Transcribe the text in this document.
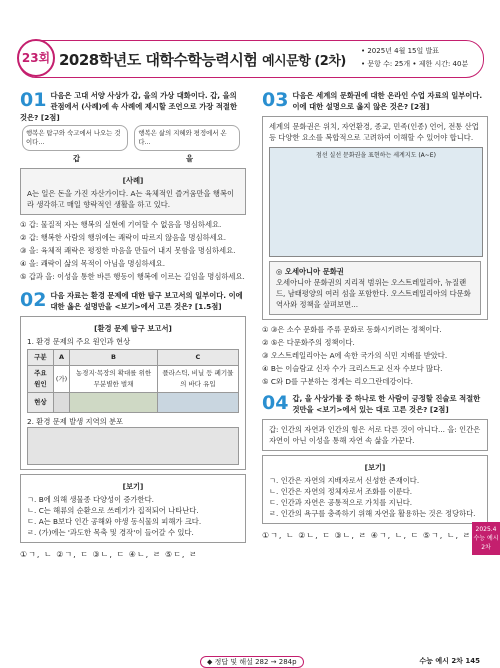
23회 2028학년도 대학수학능력시험 예시문항 (2차)
• 2025년 4월 15일 발표
• 문항 수: 25개 • 제한 시간: 40분
01 다음은 고대 서양 사상가 갑, 을의 가상 대화이다. 갑, 을의 관점에서 (사례)에 속 사례에 제시할 조언으로 가장 적절한 것은? [2점]
행복은 탐구와 숙고에서 나오는 것이다... 행복은 삶의 지혜와 평정에서 온다...
갑	을
[사례]
A는 일은 돈을 가진 자산가이다. A는 육체적인 즐거움만을 행복이라 생각하고 매일 향락적인 생활을 하고 있다.
① 갑: 물질적 자는 행복의 실현에 기여할 수 없음을 명심하세요.
② 갑: 행복한 사람의 행위에는 쾌락이 따르지 않음을 명심하세요.
③ 을: 육체적 쾌락은 평정한 마음을 만들어 내지 못함을 명심하세요.
④ 을: 쾌락이 삶의 목적이 아님을 명심하세요.
⑤ 갑과 을: 이성을 통한 바른 행동이 행복에 이르는 길임을 명심하세요.
02 다음 자료는 환경 문제에 대한 탐구 보고서의 일부이다. 이에 대한 옳은 설명만을 <보기>에서 고른 것은? [1.5점]
[환경 문제 탐구 보고서]
1. 환경 문제의 주요 원인과 현상
구분	A	B	C
주요 원인	(가)	농경지·목장의 확대를 위한 무분별한 벌채	플라스틱, 비닐 등 폐기물의 바다 유입
현상			
2. 환경 문제 발생 지역의 분포
[보기]
ㄱ. B에 의해 생물종 다양성이 증가한다.
ㄴ. C는 해류의 순환으로 쓰레기가 집적되어 나타난다.
ㄷ. A는 B보다 인간 공해와 야생 동식물의 피해가 크다.
ㄹ. (가)에는 '과도한 목축 및 경작'이 들어갈 수 있다.
①ㄱ, ㄴ ②ㄱ, ㄷ ③ㄴ, ㄷ ④ㄴ, ㄹ ⑤ㄷ, ㄹ
03 다음은 세계의 문화권에 대한 온라인 수업 자료의 일부이다. 이에 대한 설명으로 옳지 않은 것은? [2점]
세계의 문화권은 위치, 자연환경, 종교, 민족(인종) 언어, 전통 산업 등 다양한 요소를 복합적으로 고려하여 이해할 수 있어야 합니다.
점선 실선 문화권을 표현하는 세계지도 (A~E)
◎ 오세아니아 문화권
오세아니아 문화권의 지리적 범위는 오스트레일리아, 뉴질랜드, 남태평양의 여러 섬을 포함한다. 오스트레일리아의 다문화 역사와 정책을 살펴보면...
① ③은 소수 문화를 주류 문화로 동화시키려는 정책이다.
② ⑤은 다문화주의 정책이다.
③ 오스트레일리아는 A에 속한 국가의 식민 지배를 받았다.
④ B는 이슬람교 신자 수가 크리스트교 신자 수보다 많다.
⑤ C와 D를 구분하는 경계는 리오그란데강이다.
04 갑, 을 사상가를 중 하나로 한 사람이 긍정할 진술로 적절한 것만을 <보기>에서 있는 대로 고른 것은? [2점]
갑: 인간의 자연과 인간의 힘은 서로 다른 것이 아니다... 을: 인간은 자연이 아닌 이성을 통해 자연 속 삶을 가꾼다.
[보기]
ㄱ. 인간은 자연의 지배자로서 신성한 존재이다.
ㄴ. 인간은 자연의 정체자로서 조화를 이룬다.
ㄷ. 인간과 자연은 공통적으로 가치를 지닌다.
ㄹ. 인간의 욕구를 충족하기 위해 자연을 활용하는 것은 정당하다.
①ㄱ, ㄴ ②ㄴ, ㄷ ③ㄴ, ㄹ ④ㄱ, ㄴ, ㄷ ⑤ㄱ, ㄴ, ㄹ
2025.4 수능 예시2차
◆ 정답 및 해설 282 → 284p	수능 예시 2차 145
